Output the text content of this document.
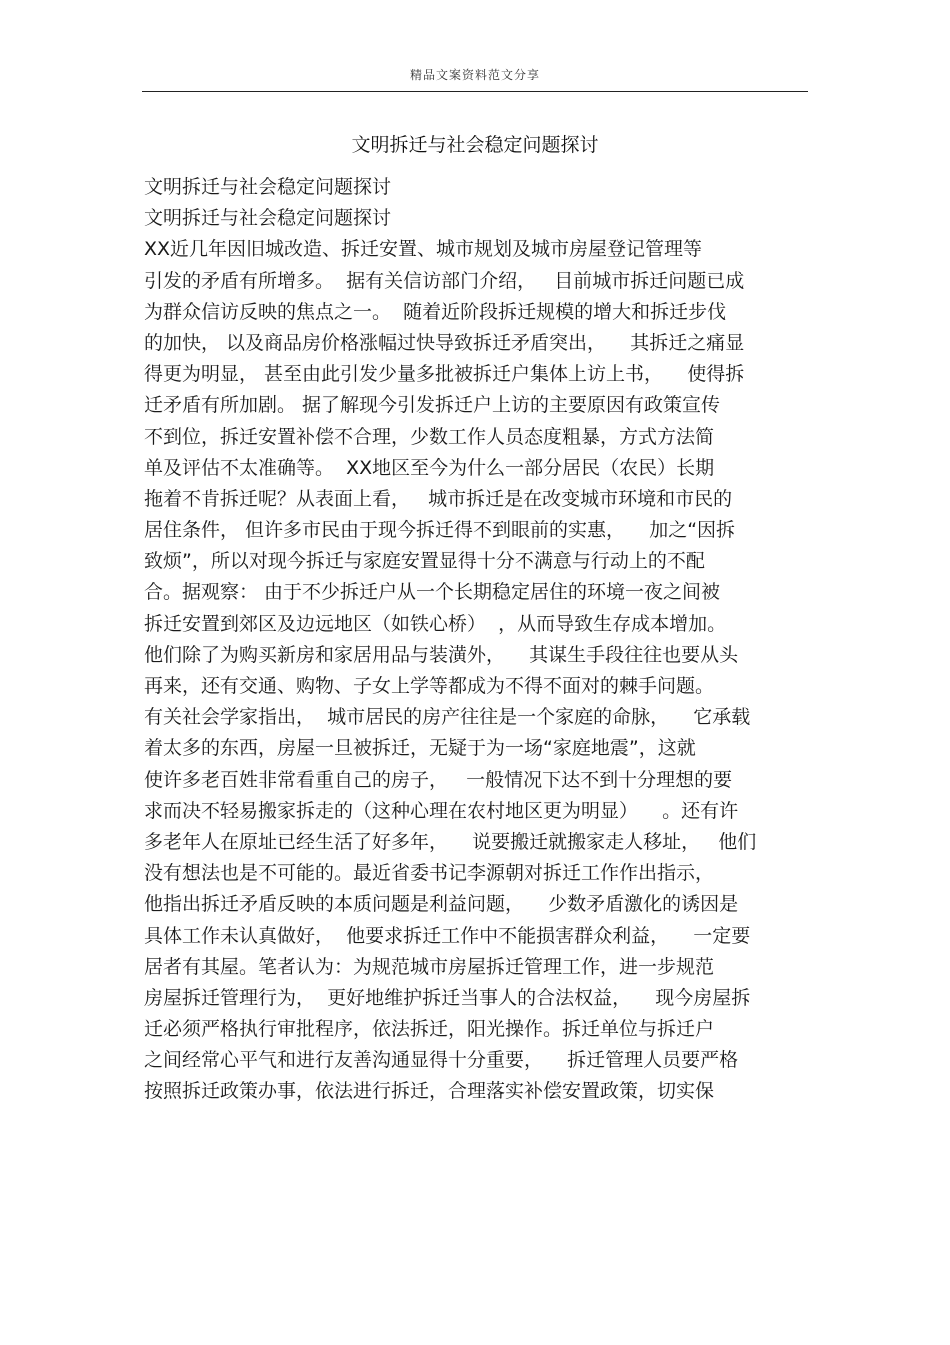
精品文案资料范文分享
文明拆迁与社会稳定问题探讨
文明拆迁与社会稳定问题探讨
文明拆迁与社会稳定问题探讨
XX近几年因旧城改造、拆迁安置、城市规划及城市房屋登记管理等
引发的矛盾有所增多。  据有关信访部门介绍，   目前城市拆迁问题已成
为群众信访反映的焦点之一。  随着近阶段拆迁规模的增大和拆迁步伐
的加快， 以及商品房价格涨幅过快导致拆迁矛盾突出，    其拆迁之痛显
得更为明显， 甚至由此引发少量多批被拆迁户集体上访上书，    使得拆
迁矛盾有所加剧。 据了解现今引发拆迁户上访的主要原因有政策宣传
不到位，拆迁安置补偿不合理，少数工作人员态度粗暴，方式方法简
单及评估不太准确等。  XX地区至今为什么一部分居民（农民）长期
拖着不肯拆迁呢？从表面上看，   城市拆迁是在改变城市环境和市民的
居住条件， 但许多市民由于现今拆迁得不到眼前的实惠，    加之“因拆
致烦”，所以对现今拆迁与家庭安置显得十分不满意与行动上的不配
合。据观察： 由于不少拆迁户从一个长期稳定居住的环境一夜之间被
拆迁安置到郊区及边远地区（如铁心桥）  ，从而导致生存成本增加。
他们除了为购买新房和家居用品与装潢外，    其谋生手段往往也要从头
再来，还有交通、购物、子女上学等都成为不得不面对的棘手问题。
有关社会学家指出，  城市居民的房产往往是一个家庭的命脉，    它承载
着太多的东西，房屋一旦被拆迁，无疑于为一场“家庭地震”，这就
使许多老百姓非常看重自己的房子，   一般情况下达不到十分理想的要
求而决不轻易搬家拆走的（这种心理在农村地区更为明显）    。还有许
多老年人在原址已经生活了好多年，    说要搬迁就搬家走人移址，   他们
没有想法也是不可能的。最近省委书记李源朝对拆迁工作作出指示，
他指出拆迁矛盾反映的本质问题是利益问题，    少数矛盾激化的诱因是
具体工作未认真做好，  他要求拆迁工作中不能损害群众利益，    一定要
居者有其屋。笔者认为：为规范城市房屋拆迁管理工作，进一步规范
房屋拆迁管理行为，  更好地维护拆迁当事人的合法权益，    现今房屋拆
迁必须严格执行审批程序，依法拆迁，阳光操作。拆迁单位与拆迁户
之间经常心平气和进行友善沟通显得十分重要，    拆迁管理人员要严格
按照拆迁政策办事，依法进行拆迁，合理落实补偿安置政策，切实保
